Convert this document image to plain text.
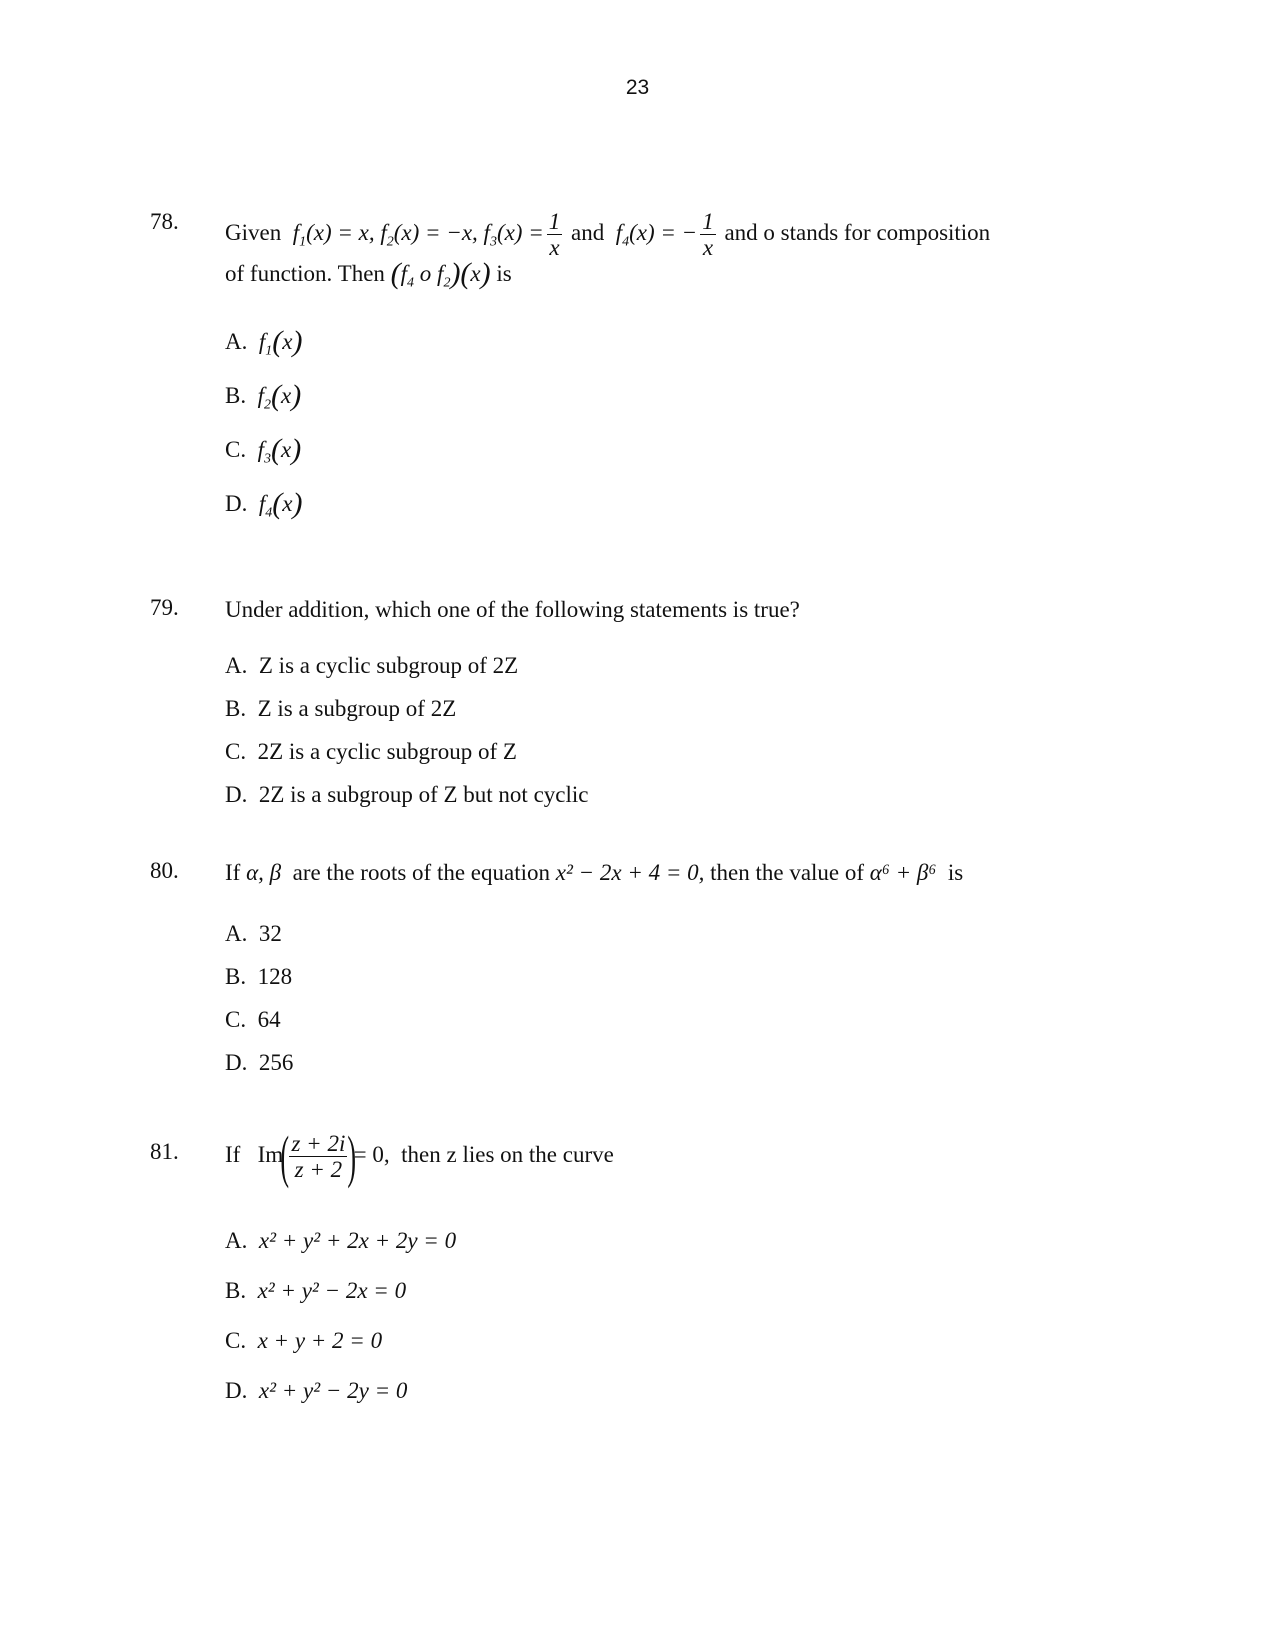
23
78. Given $f_1(x) = x$, $f_2(x) = -x$, $f_3(x) = \frac{1}{x}$ and $f_4(x)$ = − $\frac{1}{x}$ and o stands for composition
of function. Then ($f_4$ o $f_2)(x)$ is
A. $f_1(x)$
B. $f_2(x)$
C. $f_3(x)$
D. $f_4(x)$
79. Under addition, which one of the following statements is true?
A. Z is a cyclic subgroup of 2Z
B. Z is a subgroup of 2Z
C. 2Z is a cyclic subgroup of Z
D. 2Z is a subgroup of Z but not cyclic
80. If α, β are the roots of the equation x² − 2x + 4 = 0, then the value of α⁶ + β⁶ is
A. 32
B. 128
C. 64
D. 256
81. If $Im( \frac{z + 2i}{z + 2}$ )= 0, then z lies on the curve
A. x² + y² + 2x + 2y = 0
B. x² + y² − 2x = 0
C. x + y + 2 = 0
D. x² + y² − 2y = 0
